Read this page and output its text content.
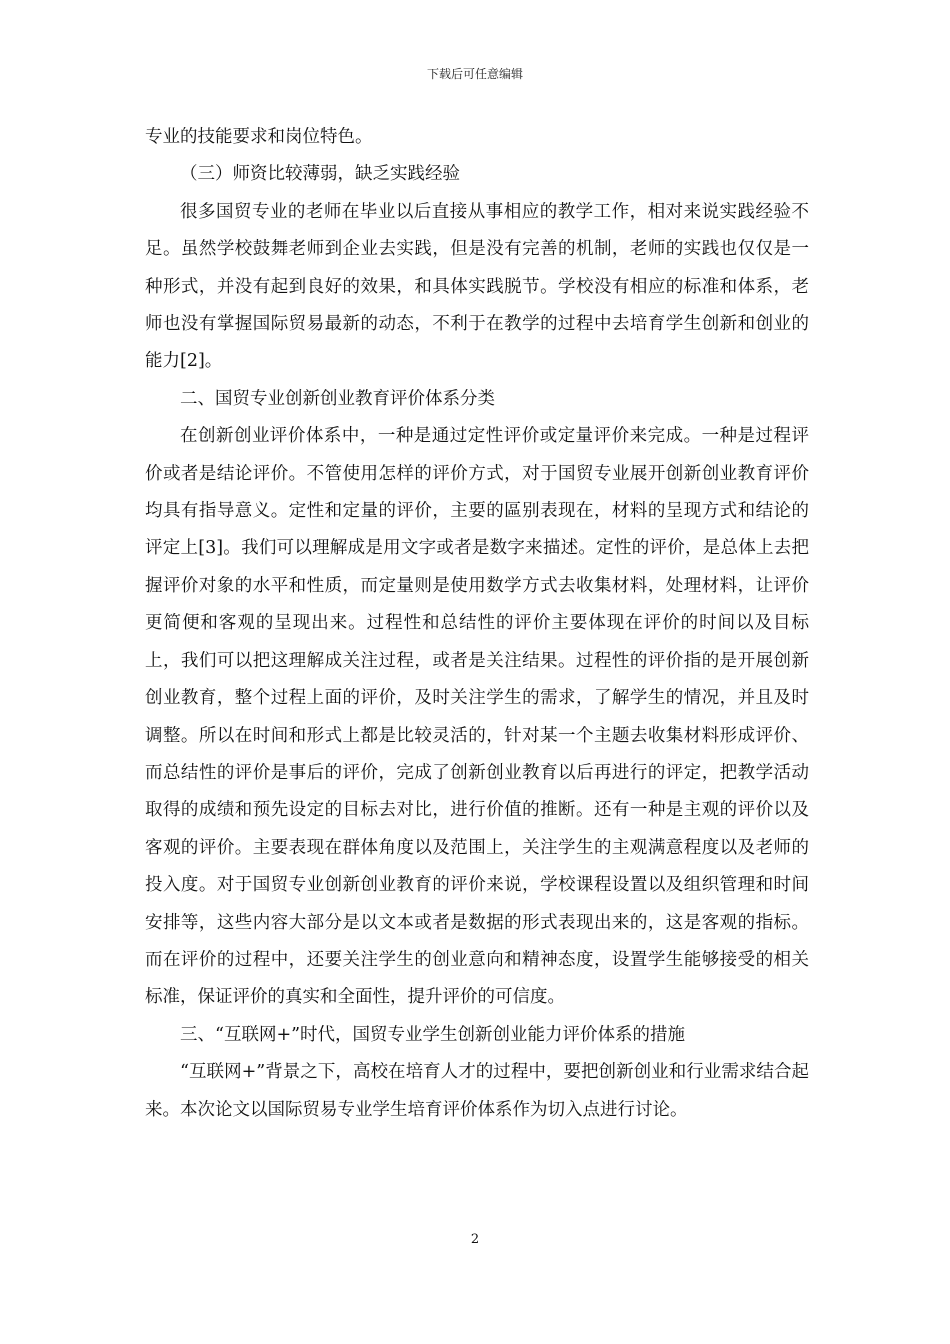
下载后可任意编辑

专业的技能要求和岗位特色。

（三）师资比较薄弱，缺乏实践经验

很多国贸专业的老师在毕业以后直接从事相应的教学工作，相对来说实践经验不足。虽然学校鼓舞老师到企业去实践，但是没有完善的机制，老师的实践也仅仅是一种形式，并没有起到良好的效果，和具体实践脱节。学校没有相应的标准和体系，老师也没有掌握国际贸易最新的动态，不利于在教学的过程中去培育学生创新和创业的能力[2]。

二、国贸专业创新创业教育评价体系分类

在创新创业评价体系中，一种是通过定性评价或定量评价来完成。一种是过程评价或者是结论评价。不管使用怎样的评价方式，对于国贸专业展开创新创业教育评价均具有指导意义。定性和定量的评价，主要的區别表现在，材料的呈现方式和结论的评定上[3]。我们可以理解成是用文字或者是数字来描述。定性的评价，是总体上去把握评价对象的水平和性质，而定量则是使用数学方式去收集材料，处理材料，让评价更简便和客观的呈现出来。过程性和总结性的评价主要体现在评价的时间以及目标上，我们可以把这理解成关注过程，或者是关注结果。过程性的评价指的是开展创新创业教育，整个过程上面的评价，及时关注学生的需求，了解学生的情况，并且及时调整。所以在时间和形式上都是比较灵活的，针对某一个主题去收集材料形成评价、而总结性的评价是事后的评价，完成了创新创业教育以后再进行的评定，把教学活动取得的成绩和预先设定的目标去对比，进行价值的推断。还有一种是主观的评价以及客观的评价。主要表现在群体角度以及范围上，关注学生的主观满意程度以及老师的投入度。对于国贸专业创新创业教育的评价来说，学校课程设置以及组织管理和时间安排等，这些内容大部分是以文本或者是数据的形式表现出来的，这是客观的指标。而在评价的过程中，还要关注学生的创业意向和精神态度，设置学生能够接受的相关标准，保证评价的真实和全面性，提升评价的可信度。

三、“互联网+”时代，国贸专业学生创新创业能力评价体系的措施

“互联网+”背景之下，高校在培育人才的过程中，要把创新创业和行业需求结合起来。本次论文以国际贸易专业学生培育评价体系作为切入点进行讨论。

2
